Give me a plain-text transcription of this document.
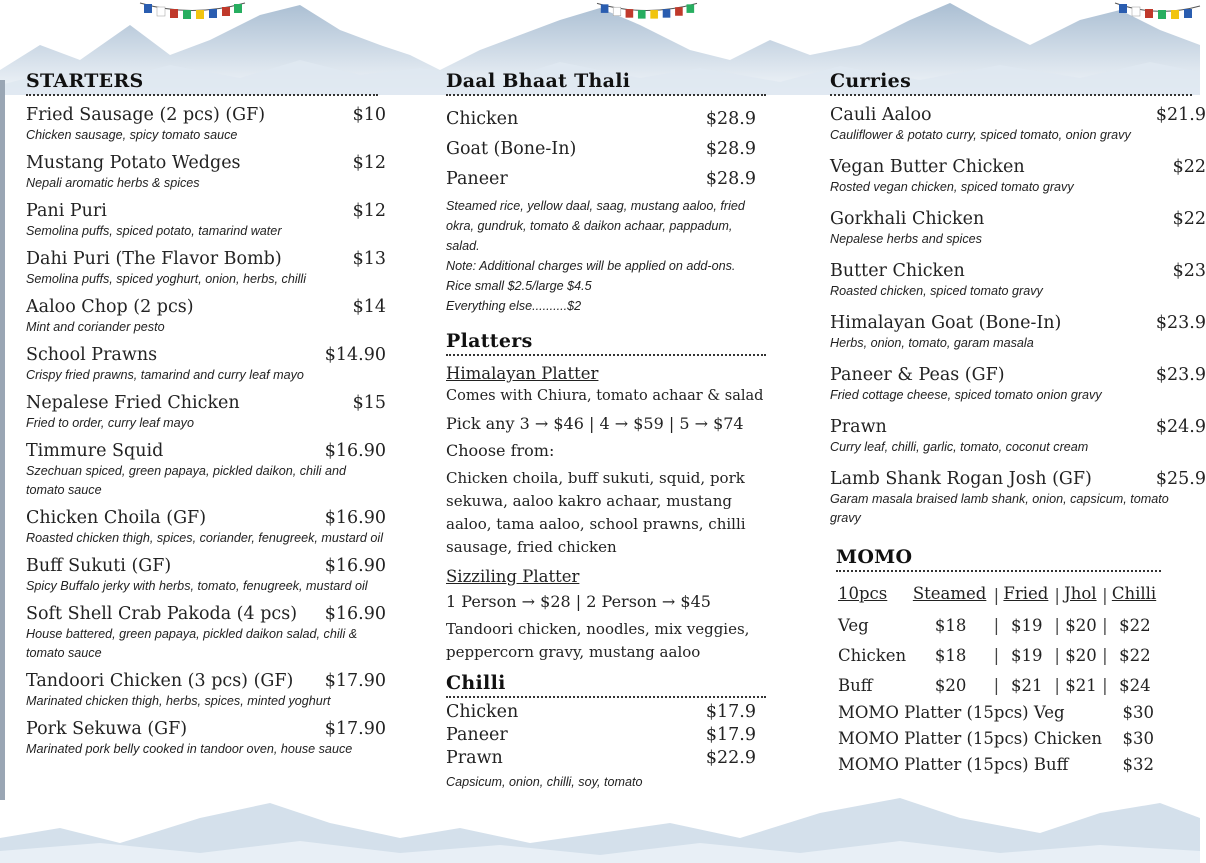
STARTERS
Fried Sausage (2 pcs) (GF)	$10
Chicken sausage, spicy tomato sauce
Mustang Potato Wedges	$12
Nepali aromatic herbs & spices
Pani Puri	$12
Semolina puffs, spiced potato, tamarind water
Dahi Puri (The Flavor Bomb)	$13
Semolina puffs, spiced yoghurt, onion, herbs, chilli
Aaloo Chop (2 pcs)	$14
Mint and coriander pesto
School Prawns	$14.90
Crispy fried prawns, tamarind and curry leaf mayo
Nepalese Fried Chicken	$15
Fried to order, curry leaf mayo
Timmure Squid	$16.90
Szechuan spiced, green papaya, pickled daikon, chili and tomato sauce
Chicken Choila (GF)	$16.90
Roasted chicken thigh, spices, coriander, fenugreek, mustard oil
Buff Sukuti (GF)	$16.90
Spicy Buffalo jerky with herbs, tomato, fenugreek, mustard oil
Soft Shell Crab Pakoda (4 pcs) $16.90
House battered, green papaya, pickled daikon salad, chili & tomato sauce
Tandoori Chicken (3 pcs) (GF) $17.90
Marinated chicken thigh, herbs, spices, minted yoghurt
Pork Sekuwa (GF)	$17.90
Marinated pork belly cooked in tandoor oven, house sauce
Daal Bhaat Thali
Chicken	$28.9
Goat (Bone-In)	$28.9
Paneer	$28.9
Steamed rice, yellow daal, saag, mustang aaloo, fried okra, gundruk, tomato & daikon achaar, pappadum, salad.
Note: Additional charges will be applied on add-ons.
Rice small $2.5/large $4.5
Everything else..........$2
Platters

Himalayan Platter

Comes with Chiura, tomato achaar & salad
Pick any 3 → $46 | 4 → $59 | 5 → $74
Choose from:
Chicken choila, buff sukuti, squid, pork sekuwa, aaloo kakro achaar, mustang aaloo, tama aaloo, school prawns, chilli sausage, fried chicken

Sizziling Platter

1 Person → $28 | 2 Person → $45
Tandoori chicken, noodles, mix veggies, peppercorn gravy, mustang aaloo
Chilli
Chicken	$17.9
Paneer	$17.9
Prawn	$22.9
Capsicum, onion, chilli, soy, tomato
Curries
Cauli Aaloo	$21.9
Cauliflower & potato curry, spiced tomato, onion gravy
Vegan Butter Chicken	$22
Rosted vegan chicken, spiced tomato gravy
Gorkhali Chicken	$22
Nepalese herbs and spices
Butter Chicken	$23
Roasted chicken, spiced tomato gravy
Himalayan Goat (Bone-In)	$23.9
Herbs, onion, tomato, garam masala
Paneer & Peas (GF)	$23.9
Fried cottage cheese, spiced tomato onion gravy
Prawn	$24.9
Curry leaf, chilli, garlic, tomato, coconut cream
Lamb Shank Rogan Josh (GF)	$25.9
Garam masala braised lamb shank, onion, capsicum, tomato gravy
MOMO
10pcs	Steamed	|	Fried	|	Jhol	|	Chilli
Veg	$18	|	$19	|	$20	|	$22
Chicken	$18	|	$19	|	$20	|	$22
Buff	$20	|	$21	|	$21	|	$24
MOMO Platter (15pcs) Veg	$30
MOMO Platter (15pcs) Chicken $30
MOMO Platter (15pcs) Buff	$32
